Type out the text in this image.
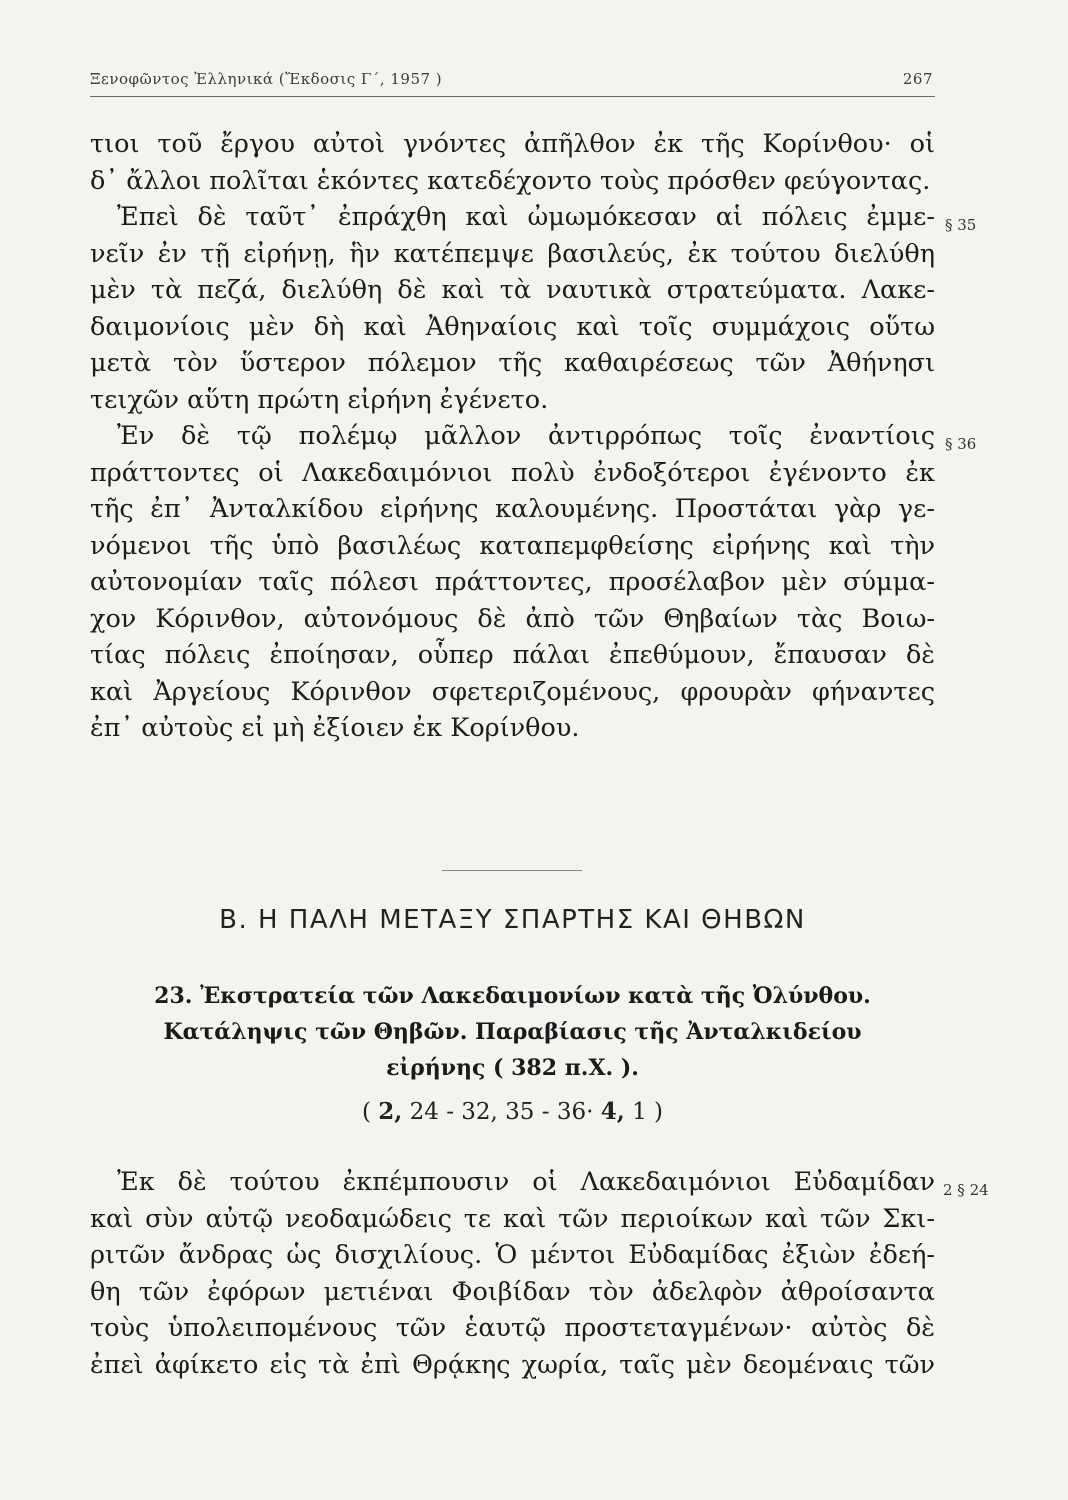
Ξενοφῶντος Ἑλληνικά (Ἔκδοσις Γ΄, 1957 )	267
τιοι τοῦ ἔργου αὐτοὶ γνόντες ἀπῆλθον ἐκ τῆς Κορίνθου· οἱ
δ᾽ ἄλλοι πολῖται ἑκόντες κατεδέχοντο τοὺς πρόσθεν φεύγοντας.
§ 35
Ἐπεὶ δὲ ταῦτ᾽ ἐπράχθη καὶ ὠμωμόκεσαν αἱ πόλεις ἐμμε-
νεῖν ἐν τῇ εἰρήνῃ, ἣν κατέπεμψε βασιλεύς, ἐκ τούτου διελύθη
μὲν τὰ πεζά, διελύθη δὲ καὶ τὰ ναυτικὰ στρατεύματα. Λακε-
δαιμονίοις μὲν δὴ καὶ Ἀθηναίοις καὶ τοῖς συμμάχοις οὕτω
μετὰ τὸν ὕστερον πόλεμον τῆς καθαιρέσεως τῶν Ἀθήνησι
τειχῶν αὕτη πρώτη εἰρήνη ἐγένετο.
§ 36
Ἐν δὲ τῷ πολέμῳ μᾶλλον ἀντιρρόπως τοῖς ἐναντίοις
πράττοντες οἱ Λακεδαιμόνιοι πολὺ ἐνδοξότεροι ἐγένοντο ἐκ
τῆς ἐπ᾽ Ἀνταλκίδου εἰρήνης καλουμένης. Προστάται γὰρ γε-
νόμενοι τῆς ὑπὸ βασιλέως καταπεμφθείσης εἰρήνης καὶ τὴν
αὐτονομίαν ταῖς πόλεσι πράττοντες, προσέλαβον μὲν σύμμα-
χον Κόρινθον, αὐτονόμους δὲ ἀπὸ τῶν Θηβαίων τὰς Βοιω-
τίας πόλεις ἐποίησαν, οὗπερ πάλαι ἐπεθύμουν, ἔπαυσαν δὲ
καὶ Ἀργείους Κόρινθον σφετεριζομένους, φρουρὰν φήναντες
ἐπ᾽ αὐτοὺς εἰ μὴ ἐξίοιεν ἐκ Κορίνθου.
Β. Η ΠΑΛΗ ΜΕΤΑΞΥ ΣΠΑΡΤΗΣ ΚΑΙ ΘΗΒΩΝ
23. Ἐκστρατεία τῶν Λακεδαιμονίων κατὰ τῆς Ὀλύνθου.
Κατάληψις τῶν Θηβῶν. Παραβίασις τῆς Ἀνταλκιδείου
εἰρήνης ( 382 π.Χ. ).
( 2, 24 - 32, 35 - 36· 4, 1 )
2 § 24
Ἐκ δὲ τούτου ἐκπέμπουσιν οἱ Λακεδαιμόνιοι Εὐδαμίδαν
καὶ σὺν αὐτῷ νεοδαμώδεις τε καὶ τῶν περιοίκων καὶ τῶν Σκι-
ριτῶν ἄνδρας ὡς δισχιλίους. Ὁ μέντοι Εὐδαμίδας ἐξιὼν ἐδεή-
θη τῶν ἐφόρων μετιέναι Φοιβίδαν τὸν ἀδελφὸν ἀθροίσαντα
τοὺς ὑπολειπομένους τῶν ἑαυτῷ προστεταγμένων· αὐτὸς δὲ
ἐπεὶ ἀφίκετο εἰς τὰ ἐπὶ Θρᾴκης χωρία, ταῖς μὲν δεομέναις τῶν
